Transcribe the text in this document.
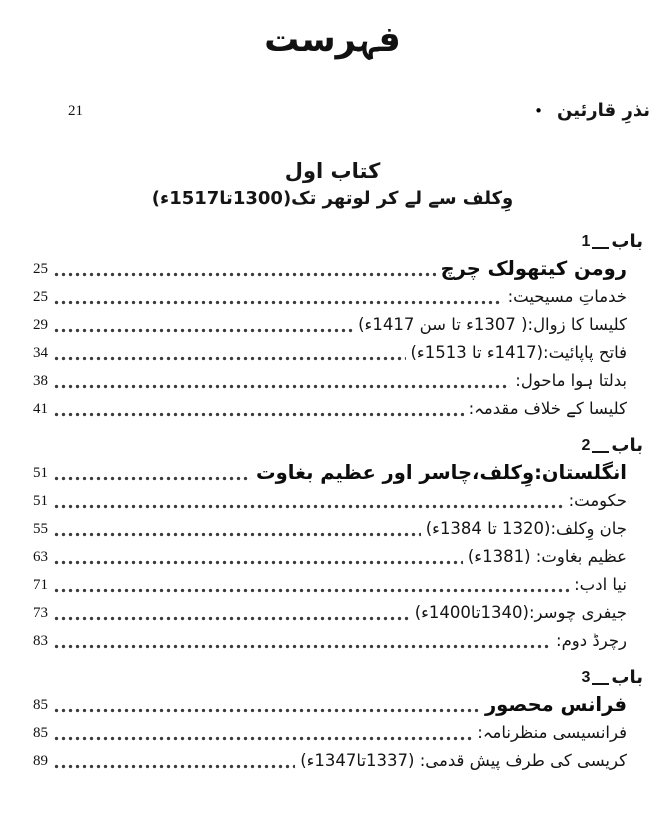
فہرست
نذرِ قارئین
•
21
کتاب اول
وِکلف سے لے کر لوتھر تک(1300تا1517ء)
باب
1
رومن کیتھولک چرچ
25
خدماتِ مسیحیت:
25
کلیسا کا زوال:( 1307ء تا سن 1417ء)
29
فاتح پاپائیت:(1417ء تا 1513ء)
34
بدلتا ہوا ماحول:
38
کلیسا کے خلاف مقدمہ:
41
باب
2
انگلستان:وِکلف،چاسر اور عظیم بغاوت
51
حکومت:
51
جان وِکلف:(1320 تا 1384ء)
55
عظیم بغاوت: (1381ء)
63
نیا ادب:
71
جیفری چوسر:(1340تا1400ء)
73
رچرڈ دوم:
83
باب
3
فرانس محصور
85
فرانسیسی منظرنامہ:
85
کریسی کی طرف پیش قدمی: (1337تا1347ء)
89
